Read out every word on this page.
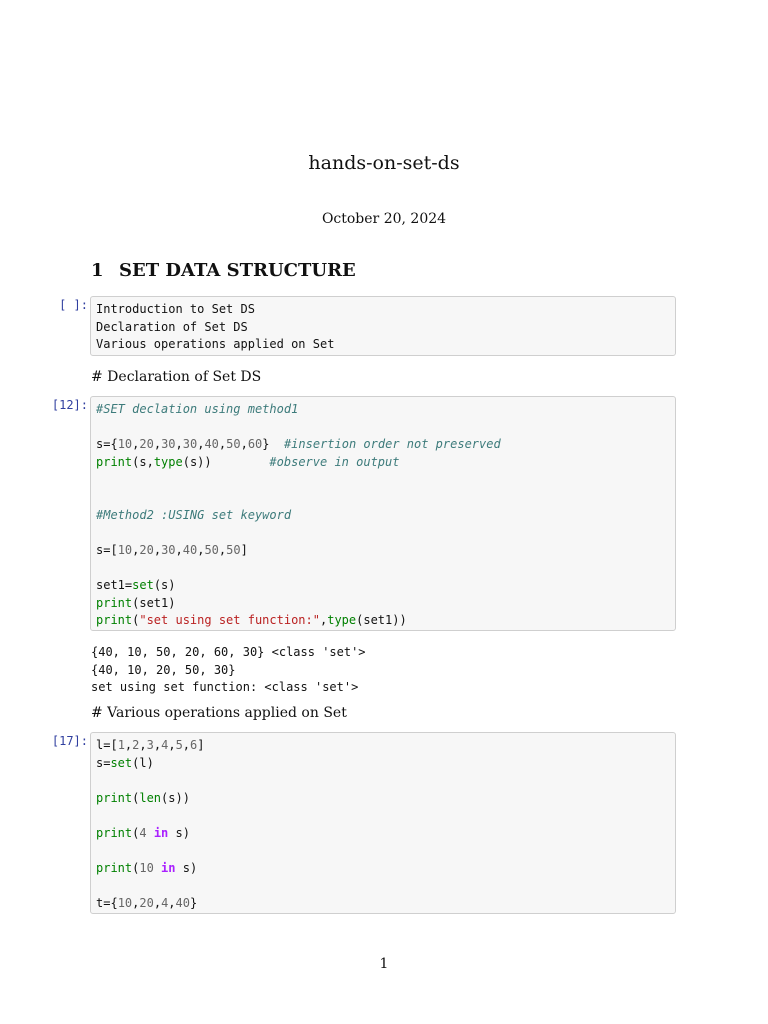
hands-on-set-ds
October 20, 2024
1 SET DATA STRUCTURE
[ ]: Introduction to Set DS
Declaration of Set DS
Various operations applied on Set
# Declaration of Set DS
[12]: #SET declation using method1
s={10,20,30,30,40,50,60}  #insertion order not preserved
print(s,type(s))        #observe in output
#Method2 :USING set keyword
s=[10,20,30,40,50,50]
set1=set(s)
print(set1)
print("set using set function:",type(set1))
{40, 10, 50, 20, 60, 30} <class 'set'>
{40, 10, 20, 50, 30}
set using set function: <class 'set'>
# Various operations applied on Set
[17]: l=[1,2,3,4,5,6]
s=set(l)
print(len(s))
print(4 in s)
print(10 in s)
t={10,20,4,40}
1
